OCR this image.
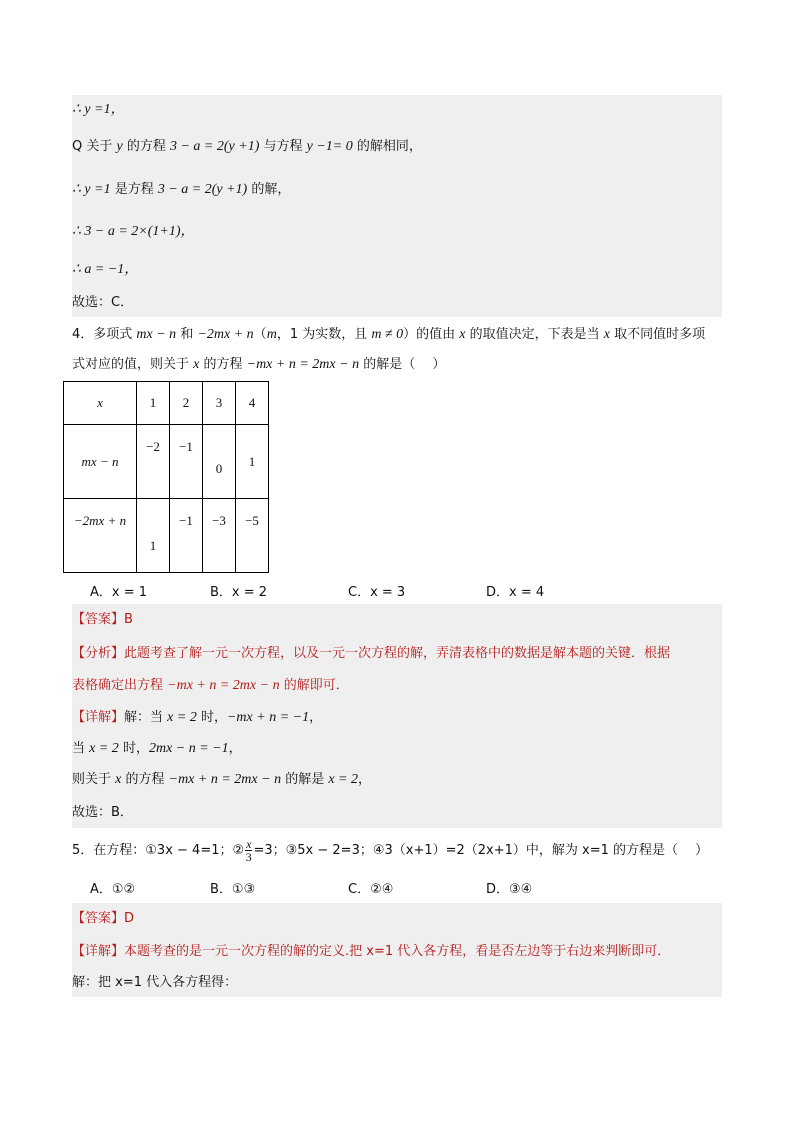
∴ y =1，
Q 关于 y 的方程 3 − a = 2(y +1) 与方程 y −1= 0 的解相同，
∴ y =1 是方程 3 − a = 2(y +1) 的解，
∴ 3 − a = 2×(1+1)，
∴ a = −1，
故选：C．
4．多项式 mx − n 和 −2mx + n（m，1 为实数，且 m ≠ 0）的值由 x 的取值决定，下表是当 x 取不同值时多项
式对应的值，则关于 x 的方程 −mx + n = 2mx − n 的解是（　 ）
x	1	2	3	4
mx − n	−2	−1	0	1
−2mx + n	1	−1	−3	−5
A．x = 1	B．x = 2	C．x = 3	D．x = 4
【答案】B
【分析】此题考查了解一元一次方程，以及一元一次方程的解，弄清表格中的数据是解本题的关键．根据
表格确定出方程 −mx + n = 2mx − n 的解即可．
【详解】解：当 x = 2 时，−mx + n = −1，
当 x = 2 时，2mx − n = −1，
则关于 x 的方程 −mx + n = 2mx − n 的解是 x = 2，
故选：B．
5．在方程：①3x − 4=1；② $\frac{x}{3} =3$；③5x − 2=3；④3（x+1）=2（2x+1）中，解为 x=1 的方程是（　 ）
A．①②	B．①③	C．②④	D．③④
【答案】D
【详解】本题考查的是一元一次方程的解的定义.把 x=1 代入各方程，看是否左边等于右边来判断即可．
解：把 x=1 代入各方程得：
